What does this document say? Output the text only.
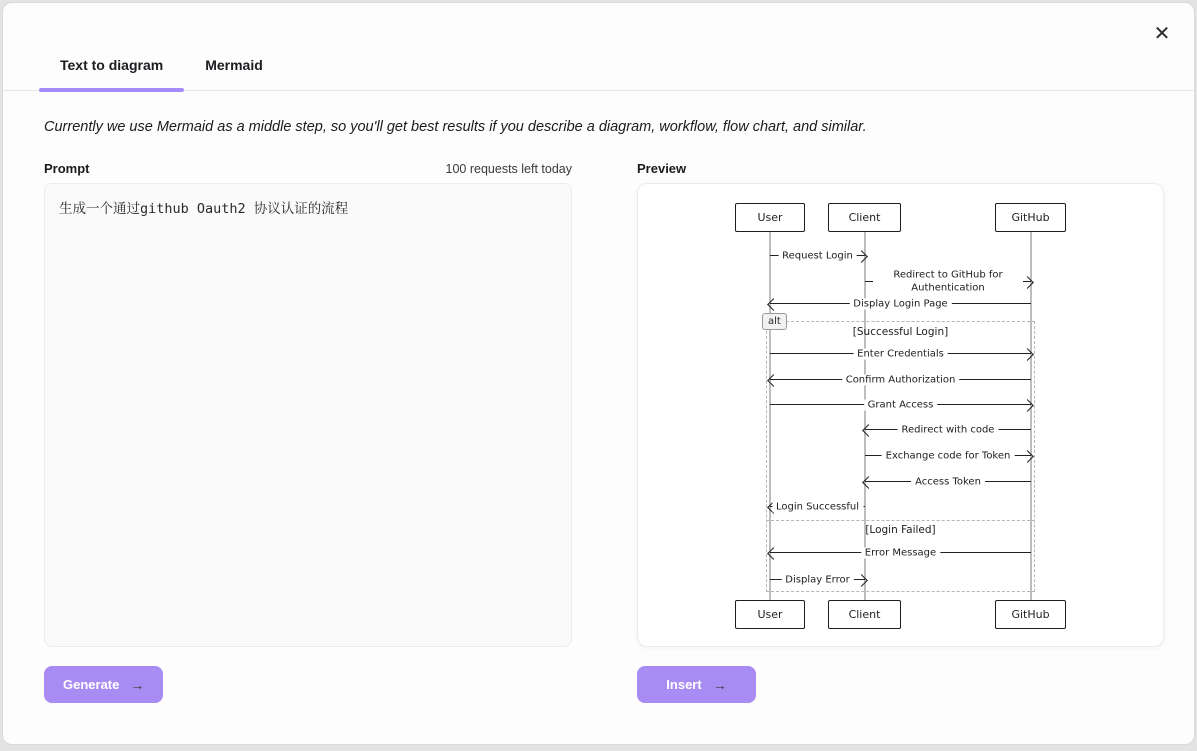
✕
Text to diagram	Mermaid
Currently we use Mermaid as a middle step, so you'll get best results if you describe a diagram, workflow, flow chart, and similar.
Prompt	100 requests left today
生成一个通过github Oauth2 协议认证的流程
Generate →
Preview
alt
[Successful Login]
[Login Failed]
User	Client	GitHub
User	Client	GitHub
Request Login
Redirect to GitHub for Authentication
Display Login Page
Enter Credentials
Confirm Authorization
Grant Access
Redirect with code
Exchange code for Token
Access Token
Login Successful
Error Message
Display Error
Insert →
